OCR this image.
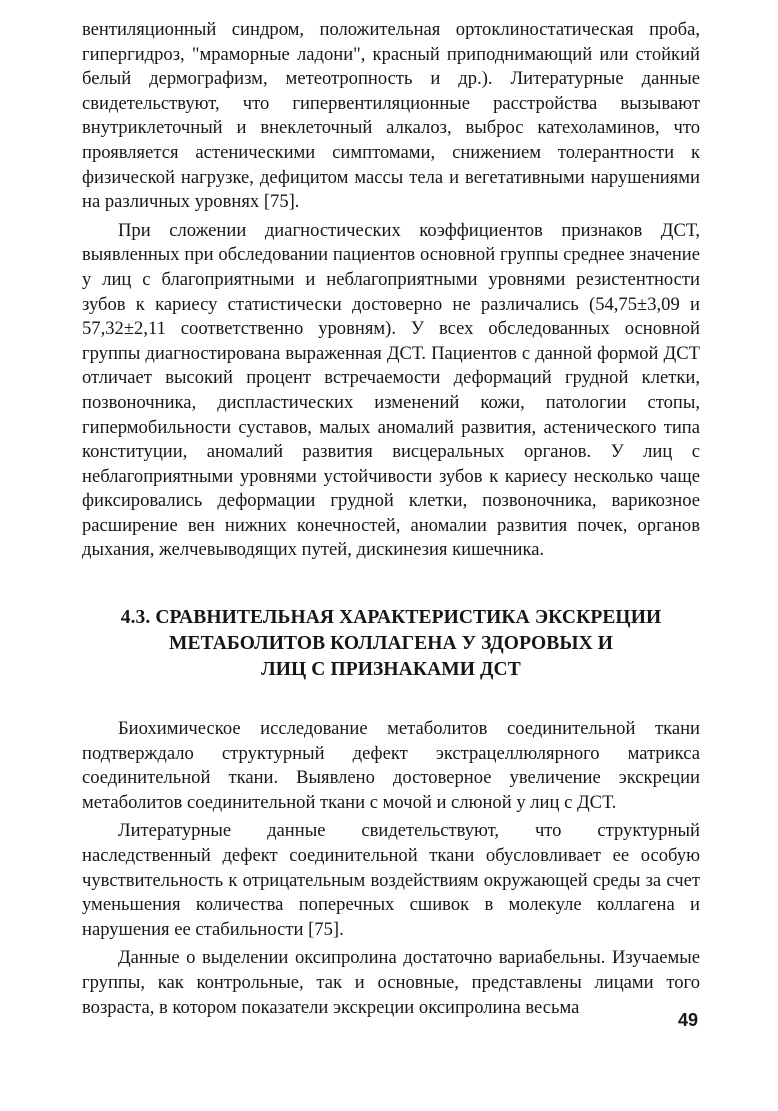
вентиляционный синдром, положительная ортоклиностатическая проба, гипергидроз, "мраморные ладони", красный приподнимающий или стойкий белый дермографизм, метеотропность и др.). Литературные данные свидетельствуют, что гипервентиляционные расстройства вызывают внутриклеточный и внеклеточный алкалоз, выброс катехоламинов, что проявляется астеническими симптомами, снижением толерантности к физической нагрузке, дефицитом массы тела и вегетативными нарушениями на различных уровнях [75].

При сложении диагностических коэффициентов признаков ДСТ, выявленных при обследовании пациентов основной группы среднее значение у лиц с благоприятными и неблагоприятными уровнями резистентности зубов к кариесу статистически достоверно не различались (54,75±3,09 и 57,32±2,11 соответственно уровням). У всех обследованных основной группы диагностирована выраженная ДСТ. Пациентов с данной формой ДСТ отличает высокий процент встречаемости деформаций грудной клетки, позвоночника, диспластических изменений кожи, патологии стопы, гипермобильности суставов, малых аномалий развития, астенического типа конституции, аномалий развития висцеральных органов. У лиц с неблагоприятными уровнями устойчивости зубов к кариесу несколько чаще фиксировались деформации грудной клетки, позвоночника, варикозное расширение вен нижних конечностей, аномалии развития почек, органов дыхания, желчевыводящих путей, дискинезия кишечника.

4.3. СРАВНИТЕЛЬНАЯ ХАРАКТЕРИСТИКА ЭКСКРЕЦИИ
МЕТАБОЛИТОВ КОЛЛАГЕНА У ЗДОРОВЫХ И
ЛИЦ С ПРИЗНАКАМИ ДСТ

Биохимическое исследование метаболитов соединительной ткани подтверждало структурный дефект экстрацеллюлярного матрикса соединительной ткани. Выявлено достоверное увеличение экскреции метаболитов соединительной ткани с мочой и слюной у лиц с ДСТ.

Литературные данные свидетельствуют, что структурный наследственный дефект соединительной ткани обусловливает ее особую чувствительность к отрицательным воздействиям окружающей среды за счет уменьшения количества поперечных сшивок в молекуле коллагена и нарушения ее стабильности [75].

Данные о выделении оксипролина достаточно вариабельны. Изучаемые группы, как контрольные, так и основные, представлены лицами того возраста, в котором показатели экскреции оксипролина весьма

49
